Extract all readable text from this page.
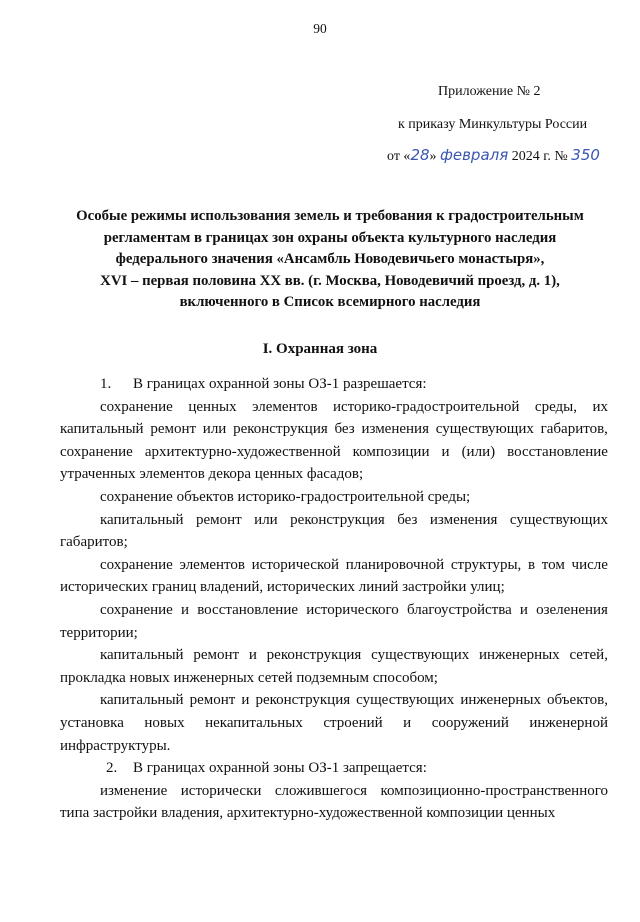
90
Приложение № 2
к приказу Минкультуры России
от «28» февраля 2024 г. № 350
Особые режимы использования земель и требования к градостроительным
регламентам в границах зон охраны объекта культурного наследия
федерального значения «Ансамбль Новодевичьего монастыря»,
XVI – первая половина XX вв. (г. Москва, Новодевичий проезд, д. 1),
включенного в Список всемирного наследия
I. Охранная зона
1. В границах охранной зоны ОЗ-1 разрешается:
сохранение ценных элементов историко-градостроительной среды, их
капитальный ремонт или реконструкция без изменения существующих габаритов,
сохранение архитектурно-художественной композиции и (или) восстановление
утраченных элементов декора ценных фасадов;
сохранение объектов историко-градостроительной среды;
капитальный ремонт или реконструкция без изменения существующих
габаритов;
сохранение элементов исторической планировочной структуры, в том числе
исторических границ владений, исторических линий застройки улиц;
сохранение и восстановление исторического благоустройства и озеленения
территории;
капитальный ремонт и реконструкция существующих инженерных сетей,
прокладка новых инженерных сетей подземным способом;
капитальный ремонт и реконструкция существующих инженерных объектов,
установка новых некапитальных строений и сооружений инженерной
инфраструктуры.
2. В границах охранной зоны ОЗ-1 запрещается:
изменение исторически сложившегося композиционно-пространственного
типа застройки владения, архитектурно-художественной композиции ценных
